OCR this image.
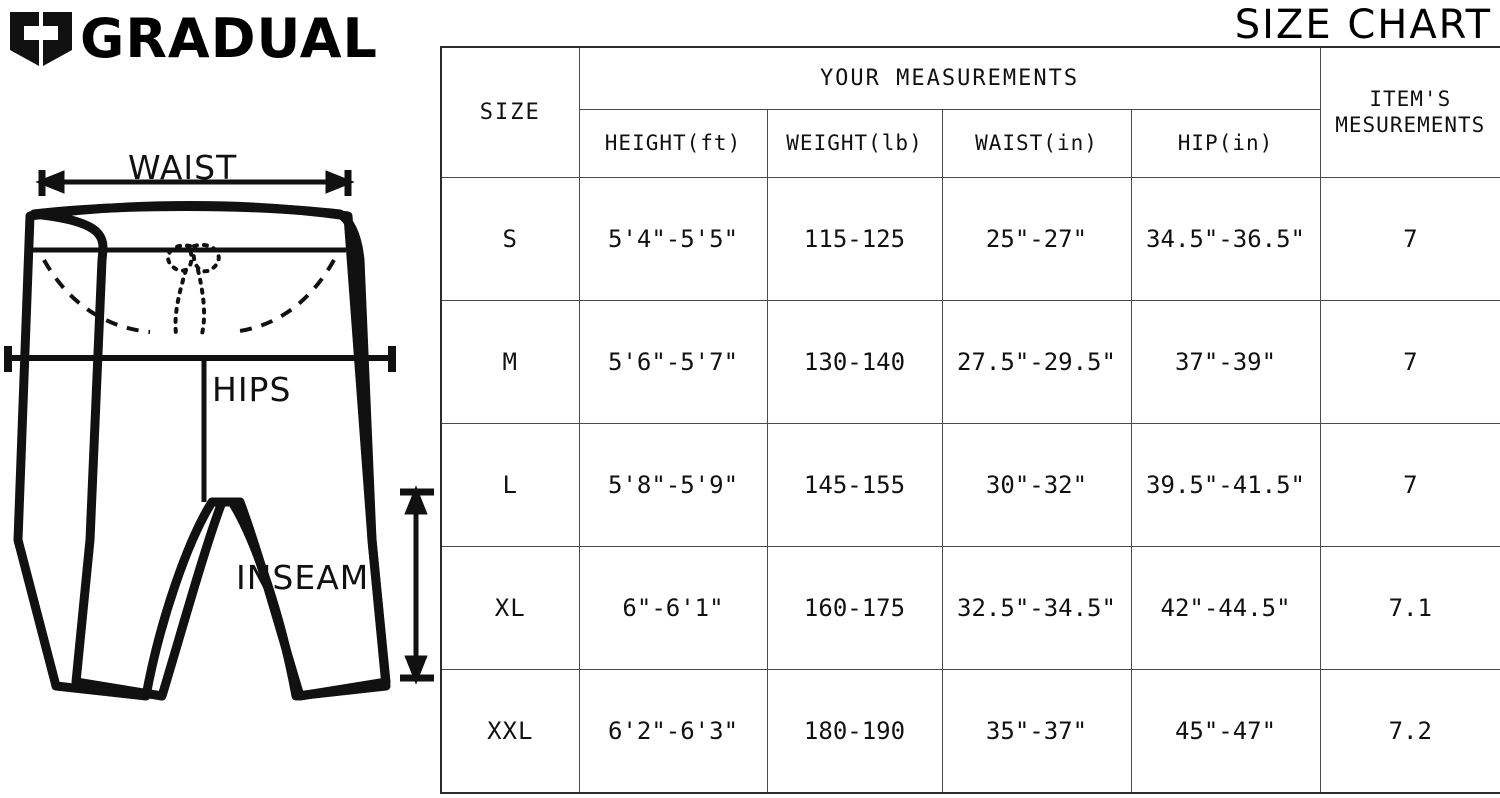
GRADUAL
WAIST
HIPS
INSEAM
SIZE CHART
SIZE	YOUR MEASUREMENTS				ITEM'S
MESUREMENTS

	HEIGHT(ft)	WEIGHT(lb)	WAIST(in)	HIP(in)	
S	5'4"-5'5"	115-125	25"-27"	34.5"-36.5"	7
M	5'6"-5'7"	130-140	27.5"-29.5"	37"-39"	7
L	5'8"-5'9"	145-155	30"-32"	39.5"-41.5"	7
XL	6"-6'1"	160-175	32.5"-34.5"	42"-44.5"	7.1
XXL	6'2"-6'3"	180-190	35"-37"	45"-47"	7.2
